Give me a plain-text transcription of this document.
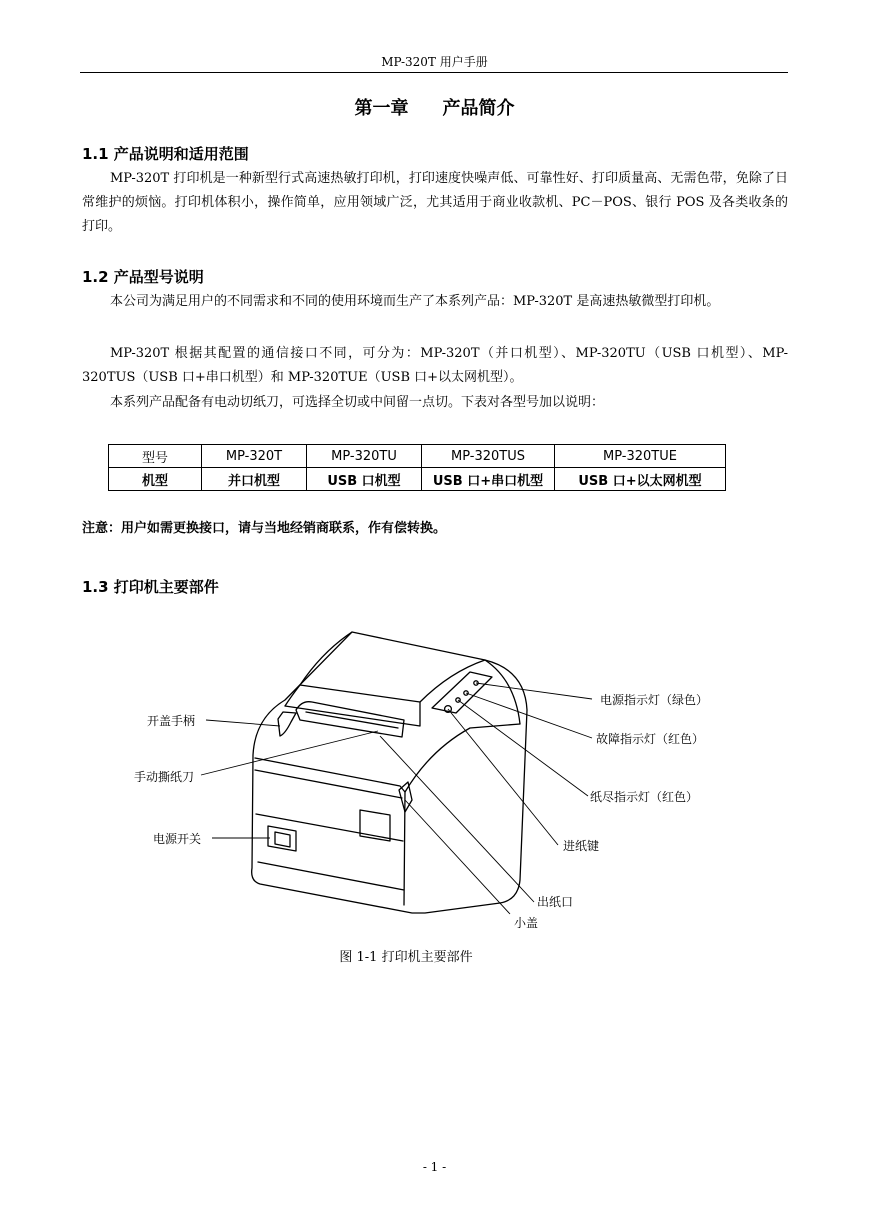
MP-320T 用户手册
第一章 产品简介
1.1 产品说明和适用范围
MP-320T 打印机是一种新型行式高速热敏打印机，打印速度快噪声低、可靠性好、打印质量高、无需色带，免除了日常维护的烦恼。打印机体积小，操作简单，应用领域广泛，尤其适用于商业收款机、PC－POS、银行 POS 及各类收条的打印。
1.2 产品型号说明
本公司为满足用户的不同需求和不同的使用环境而生产了本系列产品：MP-320T 是高速热敏微型打印机。
MP-320T 根据其配置的通信接口不同，可分为：MP-320T（并口机型）、MP-320TU（USB 口机型）、MP-320TUS（USB 口+串口机型）和 MP-320TUE（USB 口+以太网机型）。
本系列产品配备有电动切纸刀，可选择全切或中间留一点切。下表对各型号加以说明：
型号	MP-320T	MP-320TU	MP-320TUS	MP-320TUE
机型	并口机型	USB 口机型	USB 口+串口机型	USB 口+以太网机型
注意：用户如需更换接口，请与当地经销商联系，作有偿转换。
1.3 打印机主要部件
开盖手柄
手动撕纸刀
电源开关
电源指示灯（绿色）
故障指示灯（红色）
纸尽指示灯（红色）
进纸键
出纸口
小盖
图 1-1 打印机主要部件
- 1 -
